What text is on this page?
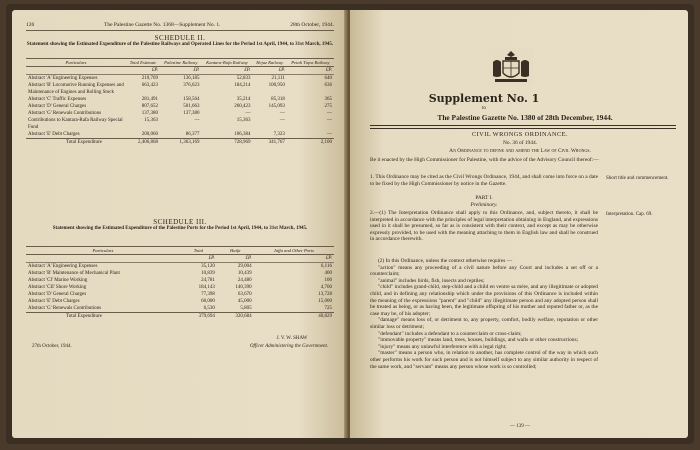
126	The Palestine Gazette No. 1368—Supplement No. 1.	28th October, 1944.
SCHEDULE II.
Statement showing the Estimated Expenditure of the Palestine Railways and Operated Lines for the Period 1st April, 1944, to 31st March, 1945.
Particulars	Total Estimate	Palestine Railway	Kantara-Rafa Railway	Hejaz Railway	Petah Tiqva Railway
	£P.	£P.	£P.	£P.	£P.
Abstract 'A' Engineering Expenses	210,769	136,185	52,833	21,111	640
Abstract 'B' Locomotive Running Expenses and Maintenance of Engines and Rolling Stock	663,423	376,623	184,214	100,950	636
Abstract 'C' Traffic Expenses	281,491	158,564	35,214	85,318	365
Abstract 'D' General Charges	807,652	501,663	260,423	145,093	275
Abstract 'G' Renewals Contributions	137,380	137,380	—	—	—
Contributions to Kantara-Rafa Railway Special Fund	15,363	—	15,363	—	—
Abstract 'E' Debt Charges	200,060	86,377	106,384	7,323	—
Total Expenditure	2,406,868	1,363,169	728,969	341,767	2,100
SCHEDULE III.
Statement showing the Estimated Expenditure of the Palestine Ports for the Period 1st April, 1944, to 31st March, 1945.
Particulars	Total	Haifa	Jaffa and Other Ports
	£P.	£P.	£P.
Abstract 'A' Engineering Expenses	35,120	29,004	6,116
Abstract 'B' Maintenance of Mechanical Plant	10,839	10,439	400
Abstract 'CI' Marine Working	24,781	24,480	100
Abstract 'CII' Shore Working	184,143	140,390	4,760
Abstract 'D' General Charges	77,398	63,670	13,728
Abstract 'E' Debt Charges	60,000	45,000	15,000
Abstract 'G' Renewals Contributions	6,530	5,805	725
Total Expenditure	379,694	320,684	40,829
27th October, 1944.
J. V. W. SHAW
Officer Administering the Government.
Supplement No. 1
to
The Palestine Gazette No. 1380 of 28th December, 1944.
CIVIL WRONGS ORDINANCE.
No. 36 of 1944.
An Ordinance to define and amend the Law of Civil Wrongs.
Be it enacted by the High Commissioner for Palestine, with the advice of the Advisory Council thereof:—
1. This Ordinance may be cited as the Civil Wrongs Ordinance, 1944, and shall come into force on a date to be fixed by the High Commissioner by notice in the Gazette.
Short title and commencement.
PART I.
Preliminary.
2.—(1) The Interpretation Ordinance shall apply to this Ordinance, and, subject thereto, it shall be interpreted in accordance with the principles of legal interpretation obtaining in England, and expressions used in it shall be presumed, so far as is consistent with their context, and except as may be otherwise expressly provided, to be used with the meaning attaching to them in English law and shall be construed in accordance therewith.
Interpretation. Cap. 69.
(2) In this Ordinance, unless the context otherwise requires —
"action" means any proceeding of a civil nature before any Court and includes a set off or a counterclaim;
"animal" includes birds, fish, insects and reptiles;
"child" includes grand-child, step-child and a child en ventre sa mère, and any illegitimate or adopted child, and in defining any relationship which under the provisions of this Ordinance is included within the meaning of the expressions "parent" and "child" any illegitimate person and any adopted person shall be treated as being, or as having been, the legitimate offspring of his mother and reputed father or, as the case may be, of his adopter;
"damage" means loss of, or detriment to, any property, comfort, bodily welfare, reputation or other similar loss or detriment;
"defendant" includes a defendant to a counterclaim or cross-claim;
"immovable property" means land, trees, houses, buildings, and walls or other constructions;
"injury" means any unlawful interference with a legal right;
"master" means a person who, in relation to another, has complete control of the way in which such other performs his work for such person and is not himself subject to any similar authority in respect of the same work, and "servant" means any person whose work is so controlled;
— 139 —
